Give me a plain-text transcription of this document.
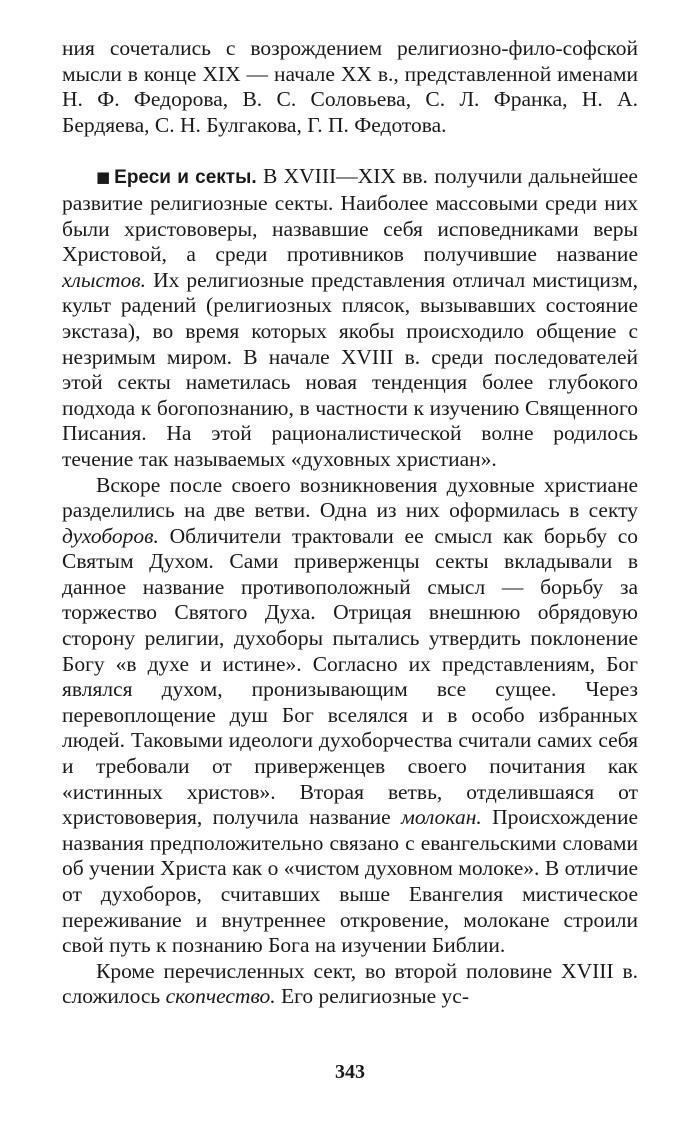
ния сочетались с возрождением религиозно-фило-софской мысли в конце XIX — начале XX в., представленной именами Н. Ф. Федорова, В. С. Соловьева, С. Л. Франка, Н. А. Бердяева, С. Н. Булгакова, Г. П. Федотова.

■ Ереси и секты. В XVIII—XIX вв. получили дальнейшее развитие религиозные секты. Наиболее массовыми среди них были христововеры, назвавшие себя исповедниками веры Христовой, а среди противников получившие название хлыстов. Их религиозные представления отличал мистицизм, культ радений (религиозных плясок, вызывавших состояние экстаза), во время которых якобы происходило общение с незримым миром. В начале XVIII в. среди последователей этой секты наметилась новая тенденция более глубокого подхода к богопознанию, в частности к изучению Священного Писания. На этой рационалистической волне родилось течение так называемых «духовных христиан».

Вскоре после своего возникновения духовные христиане разделились на две ветви. Одна из них оформилась в секту духоборов. Обличители трактовали ее смысл как борьбу со Святым Духом. Сами приверженцы секты вкладывали в данное название противоположный смысл — борьбу за торжество Святого Духа. Отрицая внешнюю обрядовую сторону религии, духоборы пытались утвердить поклонение Богу «в духе и истине». Согласно их представлениям, Бог являлся духом, пронизывающим все сущее. Через перевоплощение душ Бог вселялся и в особо избранных людей. Таковыми идеологи духоборчества считали самих себя и требовали от приверженцев своего почитания как «истинных христов». Вторая ветвь, отделившаяся от христововерия, получила название молокан. Происхождение названия предположительно связано с евангельскими словами об учении Христа как о «чистом духовном молоке». В отличие от духоборов, считавших выше Евангелия мистическое переживание и внутреннее откровение, молокане строили свой путь к познанию Бога на изучении Библии.

Кроме перечисленных сект, во второй половине XVIII в. сложилось скопчество. Его религиозные ус-

343
